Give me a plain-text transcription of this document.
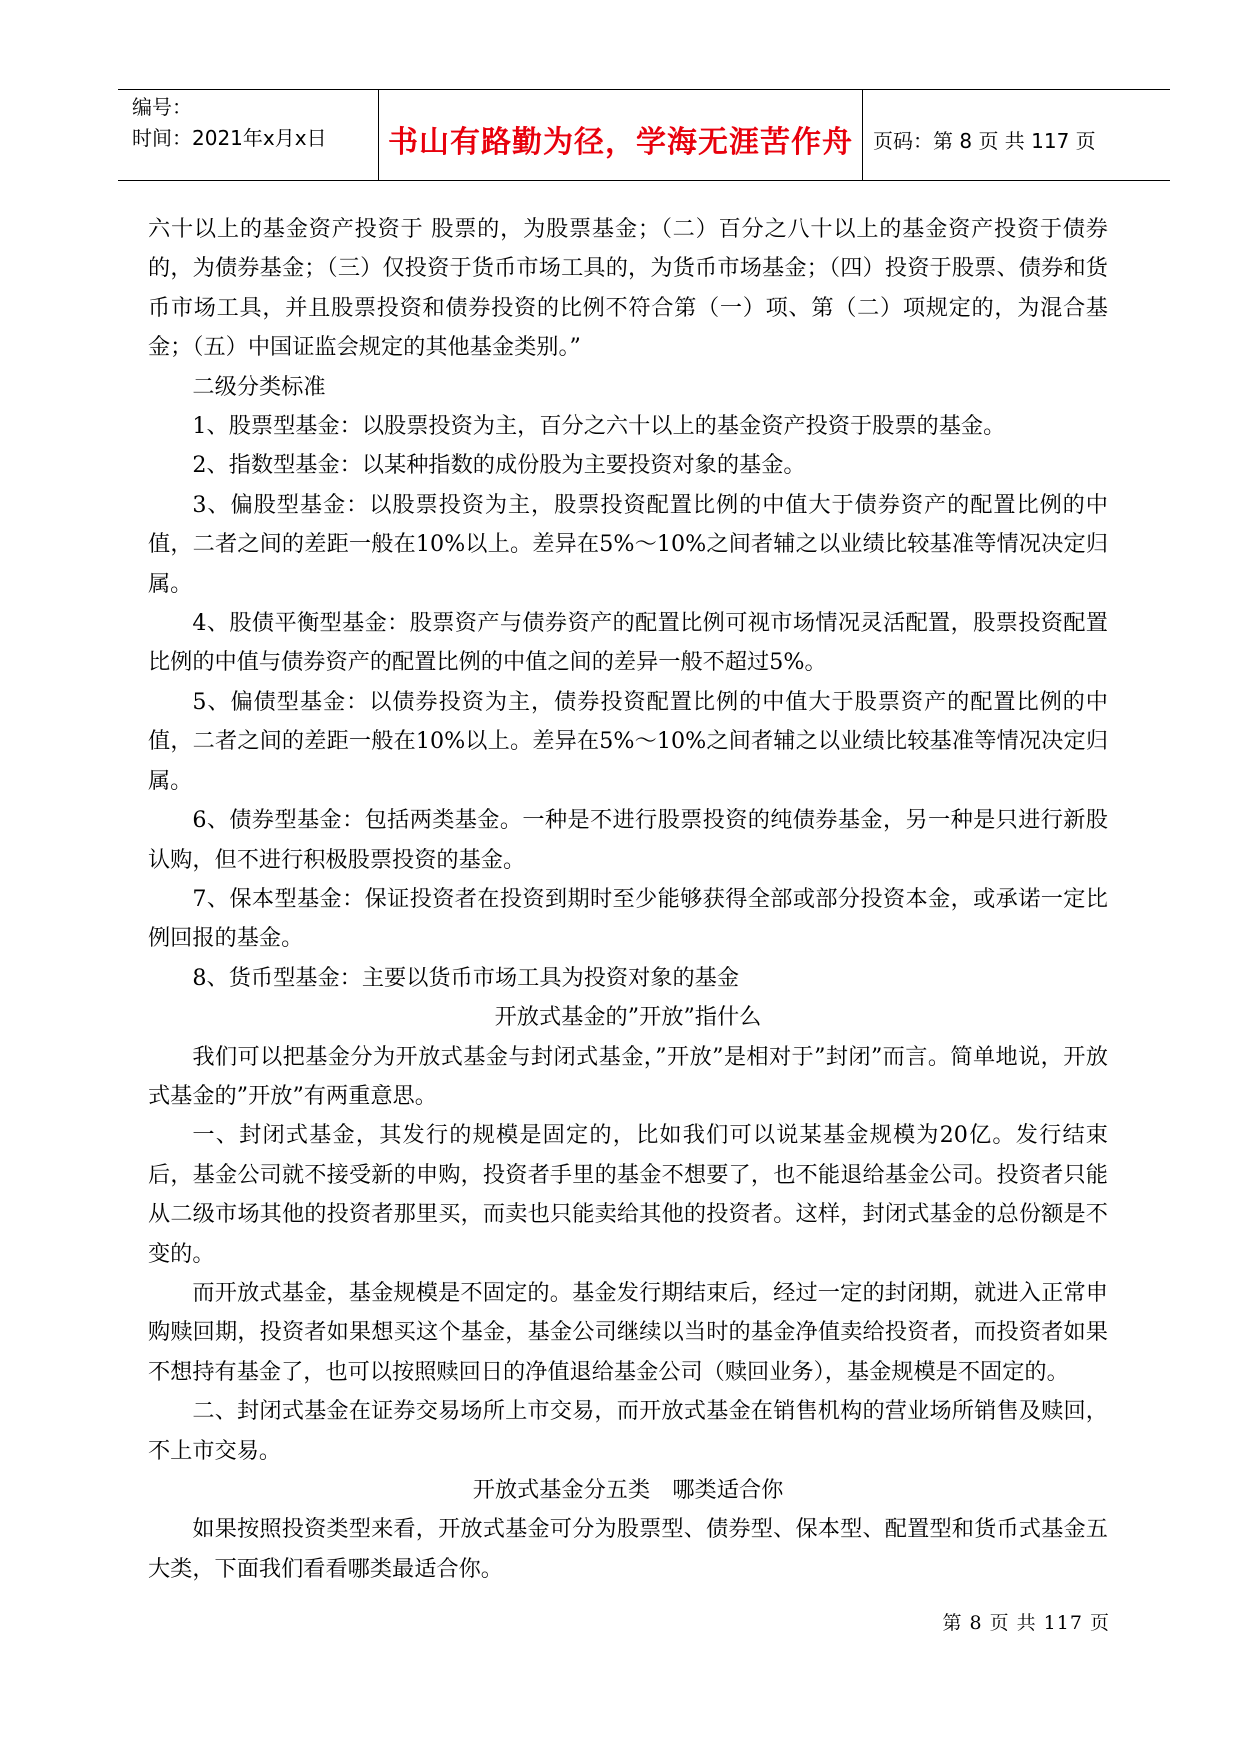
编号：
时间：2021年x月x日	书山有路勤为径，学海无涯苦作舟	页码：第 8 页 共 117 页

六十以上的基金资产投资于 股票的，为股票基金；（二）百分之八十以上的基金资产投资于债券的，为债券基金；（三）仅投资于货币市场工具的，为货币市场基金；（四）投资于股票、债券和货币市场工具，并且股票投资和债券投资的比例不符合第（一）项、第（二）项规定的，为混合基金；（五）中国证监会规定的其他基金类别。”

二级分类标准

1、股票型基金：以股票投资为主，百分之六十以上的基金资产投资于股票的基金。

2、指数型基金：以某种指数的成份股为主要投资对象的基金。

3、偏股型基金：以股票投资为主，股票投资配置比例的中值大于债券资产的配置比例的中值，二者之间的差距一般在10%以上。差异在5%～10%之间者辅之以业绩比较基准等情况决定归属。

4、股债平衡型基金：股票资产与债券资产的配置比例可视市场情况灵活配置，股票投资配置比例的中值与债券资产的配置比例的中值之间的差异一般不超过5%。

5、偏债型基金：以债券投资为主，债券投资配置比例的中值大于股票资产的配置比例的中值，二者之间的差距一般在10%以上。差异在5%～10%之间者辅之以业绩比较基准等情况决定归属。

6、债券型基金：包括两类基金。一种是不进行股票投资的纯债券基金，另一种是只进行新股认购，但不进行积极股票投资的基金。

7、保本型基金：保证投资者在投资到期时至少能够获得全部或部分投资本金，或承诺一定比例回报的基金。

8、货币型基金：主要以货币市场工具为投资对象的基金

开放式基金的”开放”指什么

我们可以把基金分为开放式基金与封闭式基金，”开放”是相对于”封闭”而言。简单地说，开放式基金的”开放”有两重意思。

一、封闭式基金，其发行的规模是固定的，比如我们可以说某基金规模为20亿。发行结束后，基金公司就不接受新的申购，投资者手里的基金不想要了，也不能退给基金公司。投资者只能从二级市场其他的投资者那里买，而卖也只能卖给其他的投资者。这样，封闭式基金的总份额是不变的。

而开放式基金，基金规模是不固定的。基金发行期结束后，经过一定的封闭期，就进入正常申购赎回期，投资者如果想买这个基金，基金公司继续以当时的基金净值卖给投资者，而投资者如果不想持有基金了，也可以按照赎回日的净值退给基金公司（赎回业务），基金规模是不固定的。

二、封闭式基金在证券交易场所上市交易，而开放式基金在销售机构的营业场所销售及赎回，不上市交易。

开放式基金分五类　哪类适合你

如果按照投资类型来看，开放式基金可分为股票型、债券型、保本型、配置型和货币式基金五大类，下面我们看看哪类最适合你。

第 8 页 共 117 页
